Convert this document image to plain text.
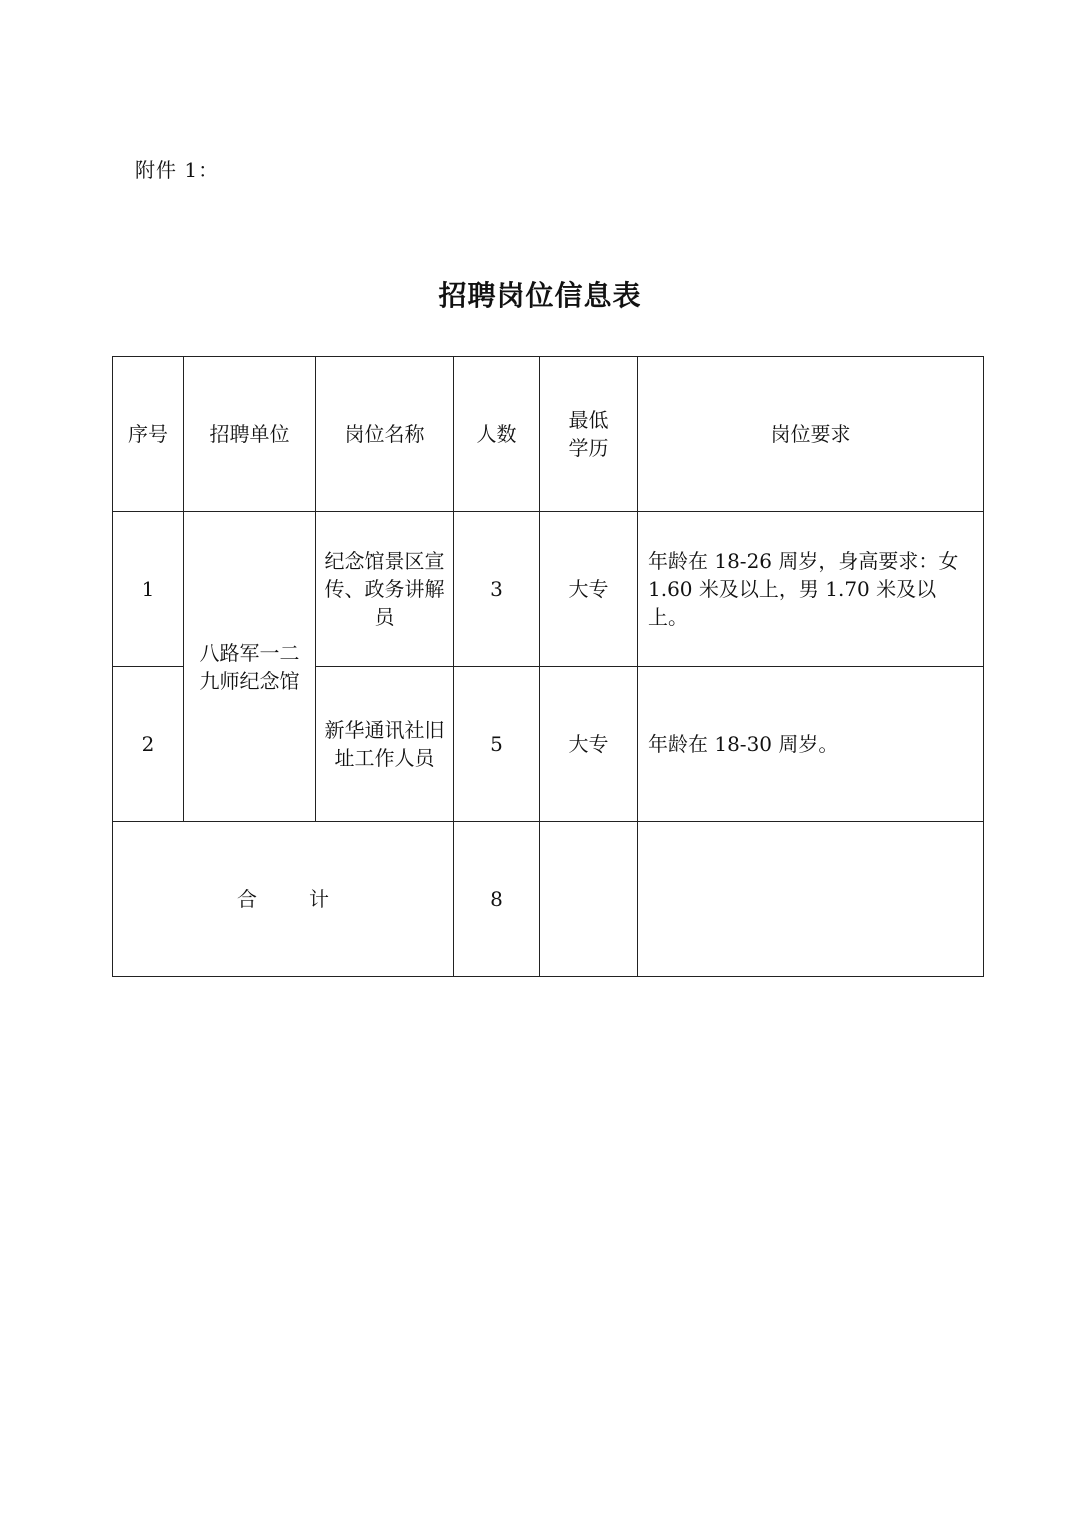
附件 1：
招聘岗位信息表
序号	招聘单位	岗位名称	人数	最低学历	岗位要求
1	八路军一二九师纪念馆	纪念馆景区宣传、政务讲解员	3	大专	年龄在 18-26 周岁，身高要求：女 1.60 米及以上，男 1.70 米及以上。
2		新华通讯社旧址工作人员	5	大专	年龄在 18-30 周岁。
合 计			8		
